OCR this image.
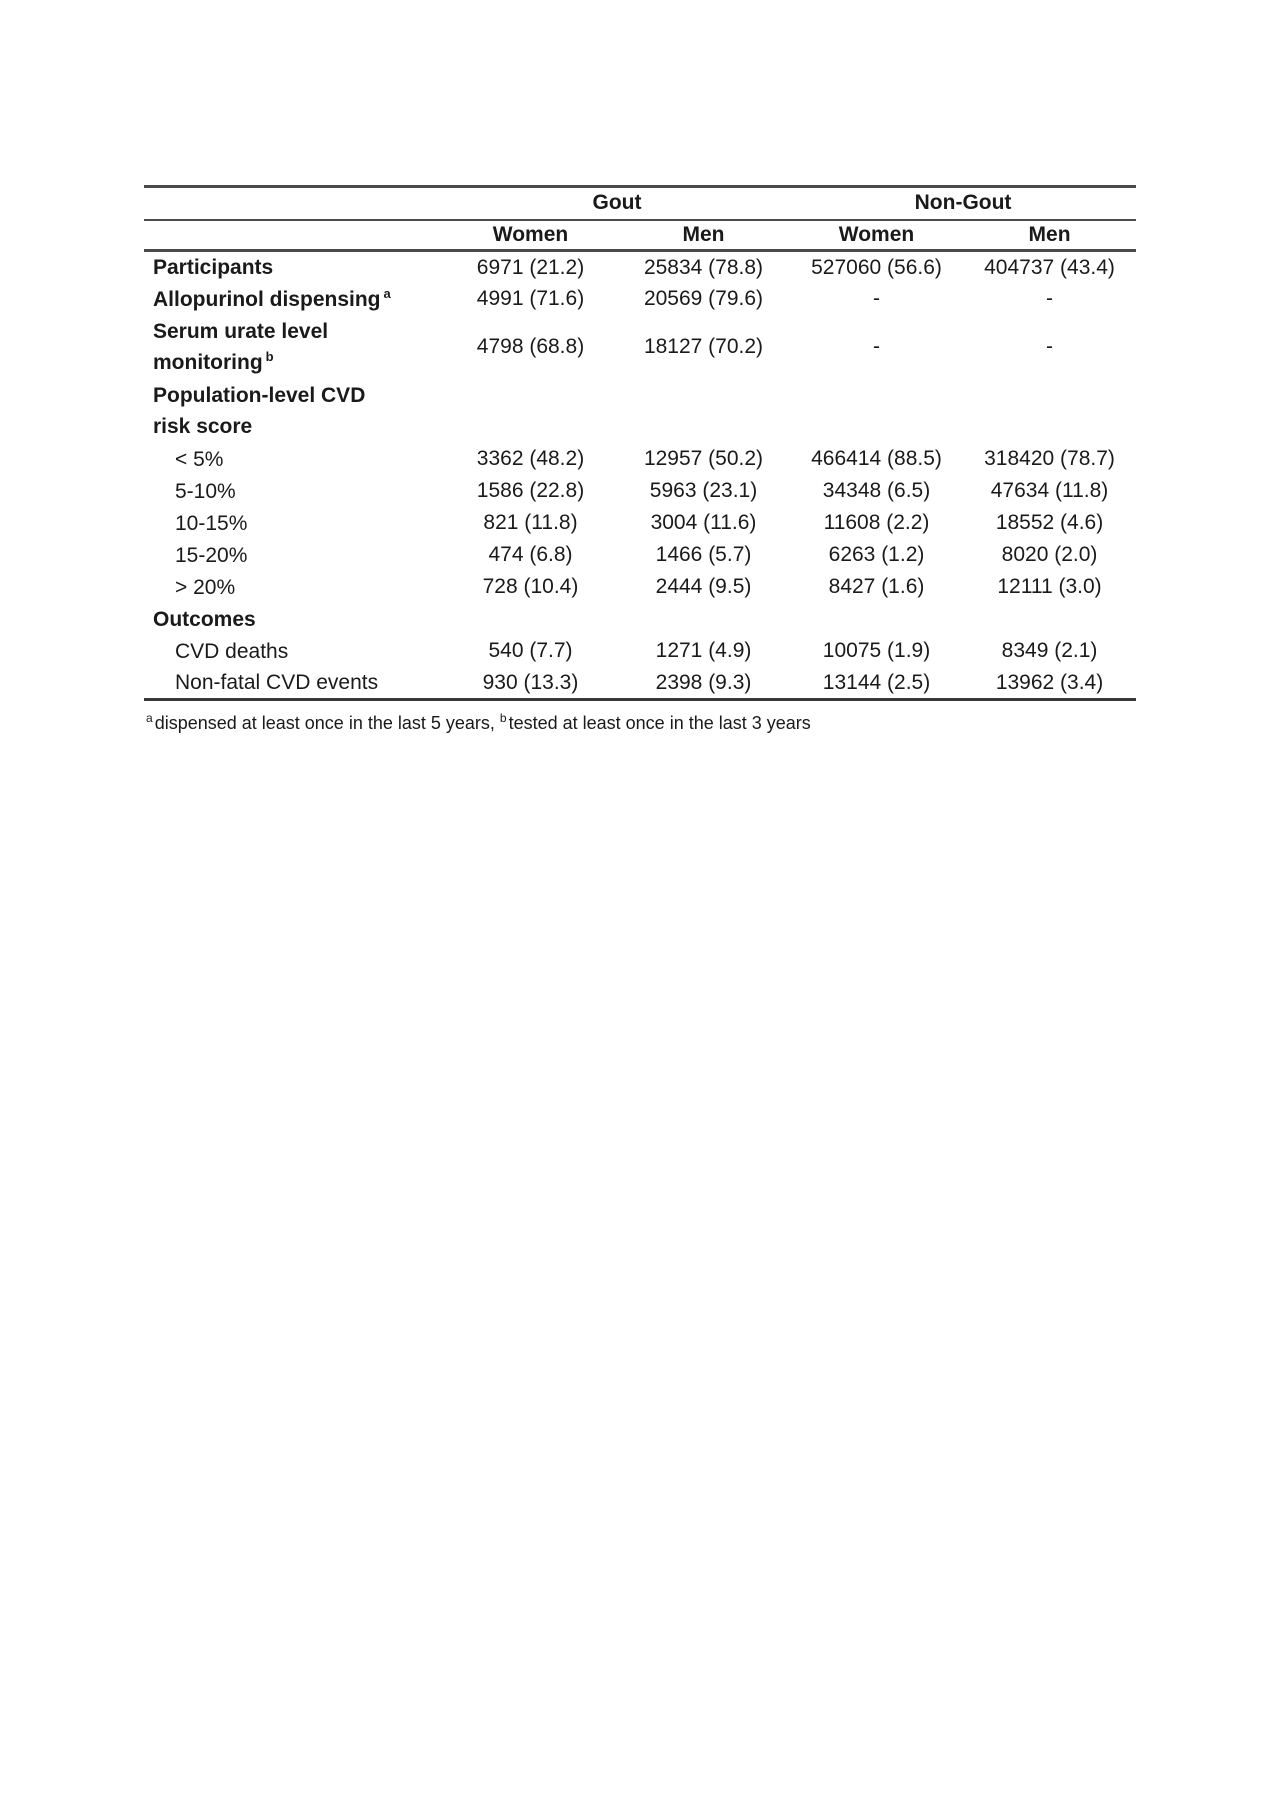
	Gout		Non-Gout	
	Women	Men	Women	Men

Participants	6971 (21.2)	25834 (78.8)	527060 (56.6)	404737 (43.4)

Allopurinol dispensing $^a$	4991 (71.6)	20569 (79.6)	-	-

Serum urate level
monitoring $^b$	4798 (68.8)	18127 (70.2)	-	-

Population-level CVD
risk score				

< 5%	3362 (48.2)	12957 (50.2)	466414 (88.5)	318420 (78.7)

5-10%	1586 (22.8)	5963 (23.1)	34348 (6.5)	47634 (11.8)

10-15%	821 (11.8)	3004 (11.6)	11608 (2.2)	18552 (4.6)

15-20%	474 (6.8)	1466 (5.7)	6263 (1.2)	8020 (2.0)

> 20%	728 (10.4)	2444 (9.5)	8427 (1.6)	12111 (3.0)

Outcomes				

CVD deaths	540 (7.7)	1271 (4.9)	10075 (1.9)	8349 (2.1)

Non-fatal CVD events	930 (13.3)	2398 (9.3)	13144 (2.5)	13962 (3.4)

$^a$ dispensed at least once in the last 5 years, $^b$ tested at least once in the last 3 years
